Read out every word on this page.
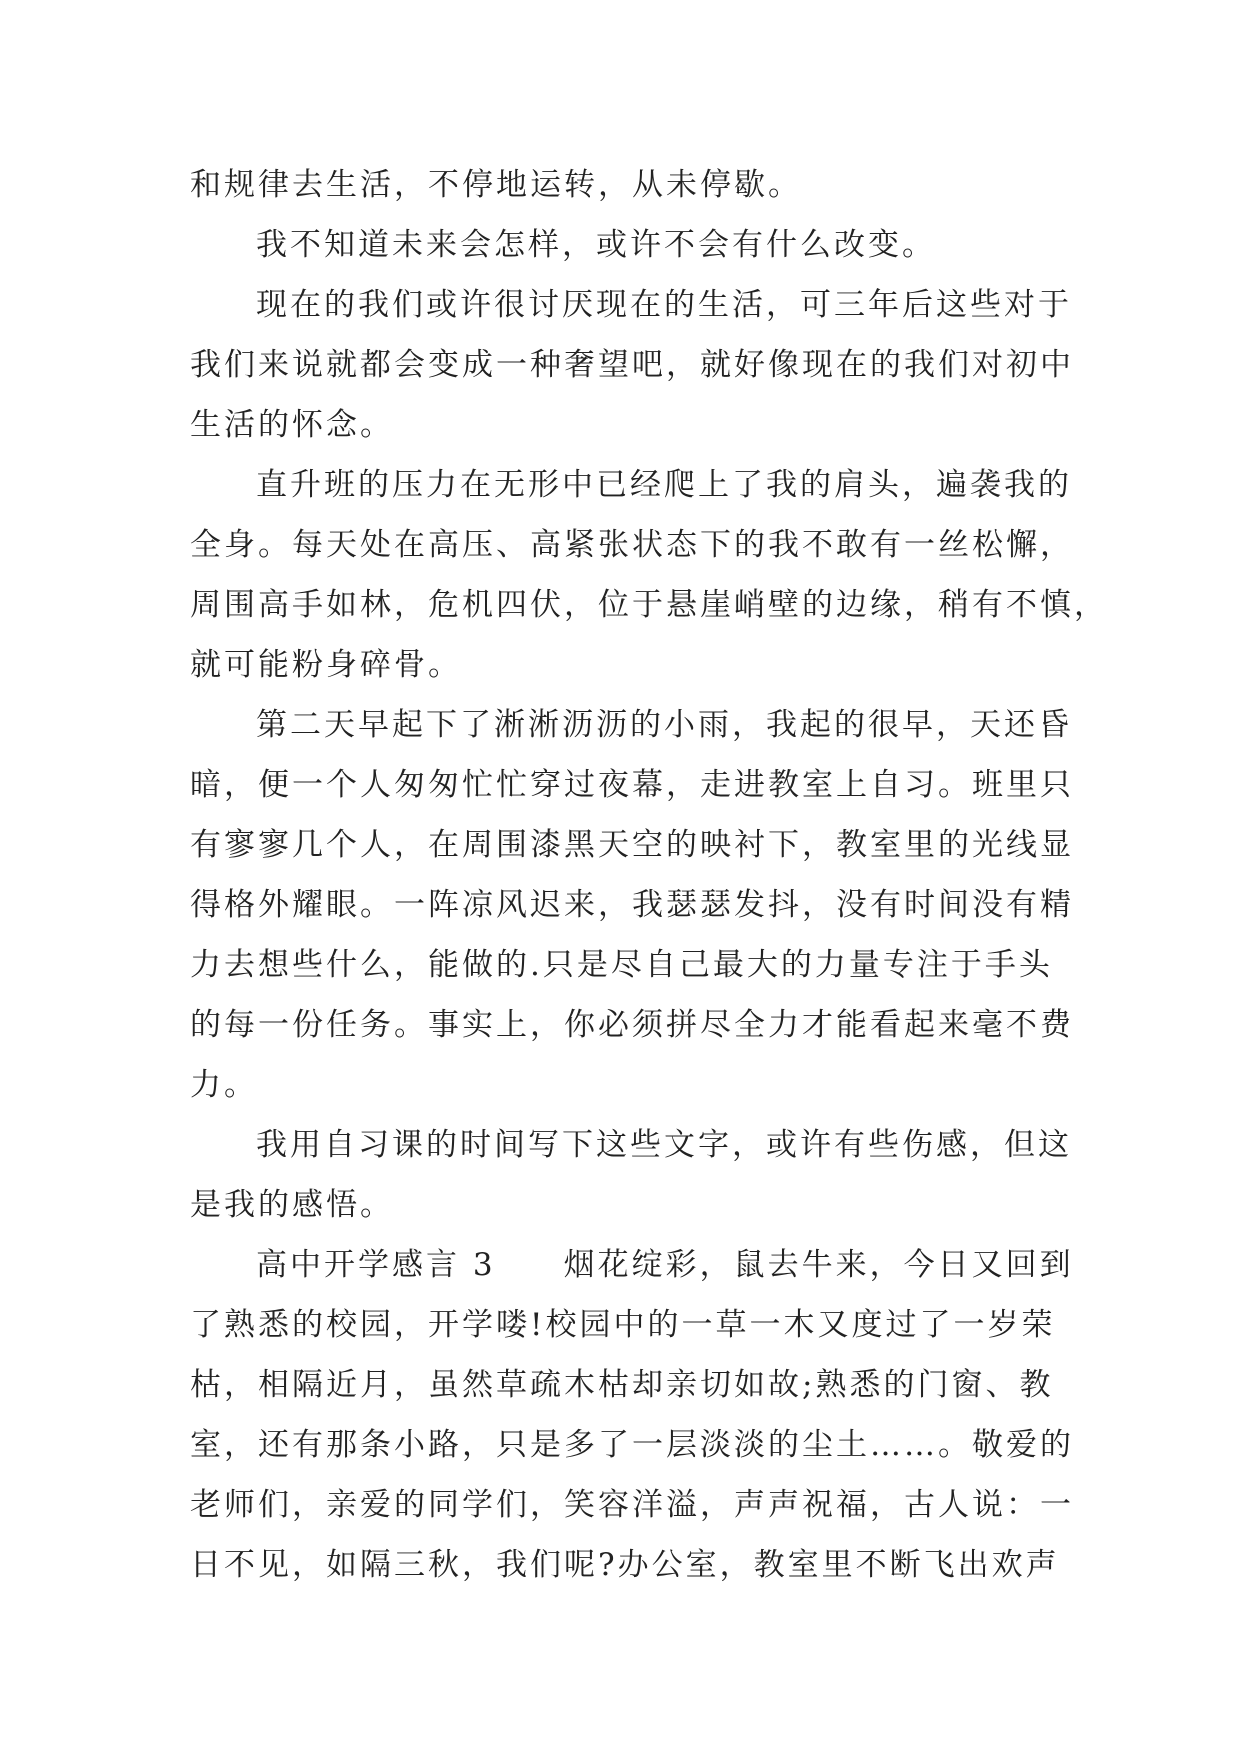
和规律去生活，不停地运转，从未停歇。
我不知道未来会怎样，或许不会有什么改变。
现在的我们或许很讨厌现在的生活，可三年后这些对于
我们来说就都会变成一种奢望吧，就好像现在的我们对初中
生活的怀念。
直升班的压力在无形中已经爬上了我的肩头，遍袭我的
全身。每天处在高压、高紧张状态下的我不敢有一丝松懈，
周围高手如林，危机四伏，位于悬崖峭壁的边缘，稍有不慎，
就可能粉身碎骨。
第二天早起下了淅淅沥沥的小雨，我起的很早，天还昏
暗，便一个人匆匆忙忙穿过夜幕，走进教室上自习。班里只
有寥寥几个人，在周围漆黑天空的映衬下，教室里的光线显
得格外耀眼。一阵凉风迟来，我瑟瑟发抖，没有时间没有精
力去想些什么，能做的.只是尽自己最大的力量专注于手头
的每一份任务。事实上，你必须拼尽全力才能看起来毫不费
力。
我用自习课的时间写下这些文字，或许有些伤感，但这
是我的感悟。
高中开学感言 3　　烟花绽彩，鼠去牛来，今日又回到
了熟悉的校园，开学喽!校园中的一草一木又度过了一岁荣
枯，相隔近月，虽然草疏木枯却亲切如故;熟悉的门窗、教
室，还有那条小路，只是多了一层淡淡的尘土……。敬爱的
老师们，亲爱的同学们，笑容洋溢，声声祝福，古人说：一
日不见，如隔三秋，我们呢?办公室，教室里不断飞出欢声
